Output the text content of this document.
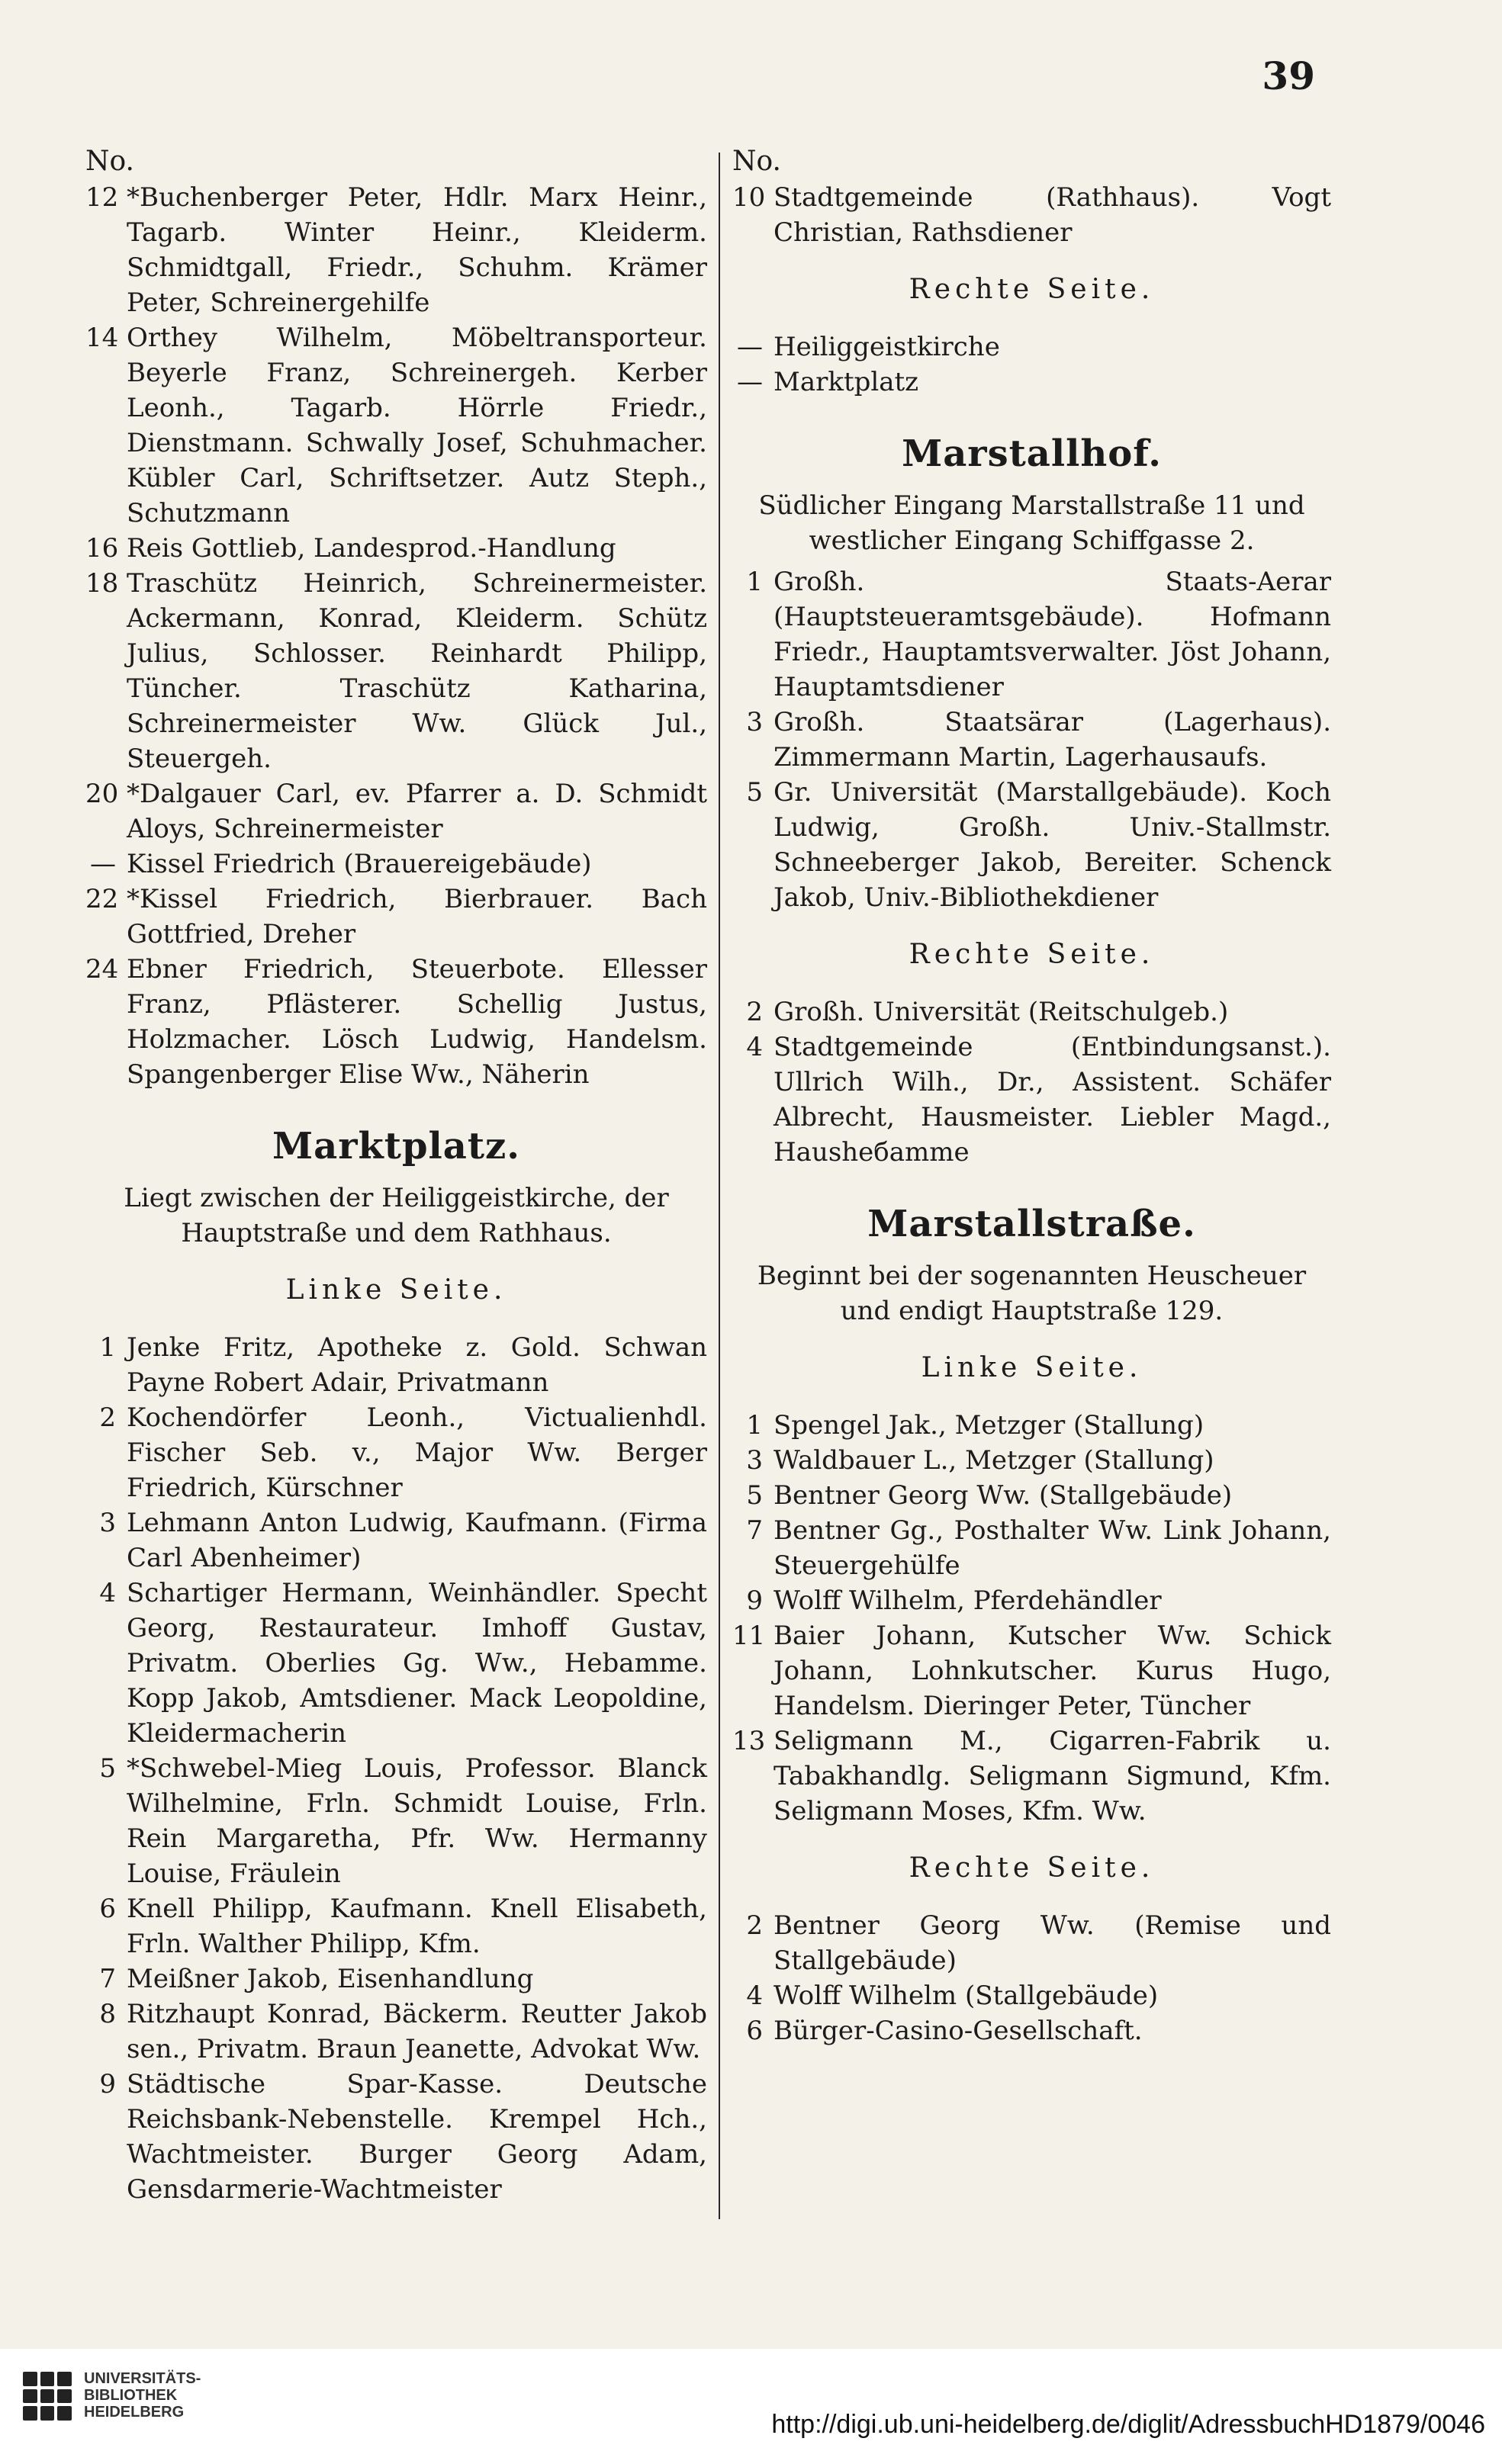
39
No.
12 *Buchenberger Peter, Hdlr. Marx Heinr., Tagarb. Winter Heinr., Kleiderm. Schmidtgall, Friedr., Schuhm. Krämer Peter, Schreinergehilfe
14 Orthey Wilhelm, Möbeltransporteur. Beyerle Franz, Schreinergeh. Kerber Leonh., Tagarb. Hörrle Friedr., Dienstmann. Schwally Josef, Schuhmacher. Kübler Carl, Schriftsetzer. Autz Steph., Schutzmann
16 Reis Gottlieb, Landesprod.-Handlung
18 Traschütz Heinrich, Schreinermeister. Ackermann, Konrad, Kleiderm. Schütz Julius, Schlosser. Reinhardt Philipp, Tüncher. Traschütz Katharina, Schreinermeister Ww. Glück Jul., Steuergeh.
20 *Dalgauer Carl, ev. Pfarrer a. D. Schmidt Aloys, Schreinermeister
— Kissel Friedrich (Brauereigebäude)
22 *Kissel Friedrich, Bierbrauer. Bach Gottfried, Dreher
24 Ebner Friedrich, Steuerbote. Ellesser Franz, Pflästerer. Schellig Justus, Holzmacher. Lösch Ludwig, Handelsm. Spangenberger Elise Ww., Näherin
Marktplatz.
Liegt zwischen der Heiliggeistkirche, der Hauptstraße und dem Rathhaus.
Linke Seite.
1 Jenke Fritz, Apotheke z. Gold. Schwan Payne Robert Adair, Privatmann
2 Kochendörfer Leonh., Victualienhdl. Fischer Seb. v., Major Ww. Berger Friedrich, Kürschner
3 Lehmann Anton Ludwig, Kaufmann. (Firma Carl Abenheimer)
4 Schartiger Hermann, Weinhändler. Specht Georg, Restaurateur. Imhoff Gustav, Privatm. Oberlies Gg. Ww., Hebamme. Kopp Jakob, Amtsdiener. Mack Leopoldine, Kleidermacherin
5 *Schwebel-Mieg Louis, Professor. Blanck Wilhelmine, Frln. Schmidt Louise, Frln. Rein Margaretha, Pfr. Ww. Hermanny Louise, Fräulein
6 Knell Philipp, Kaufmann. Knell Elisabeth, Frln. Walther Philipp, Kfm.
7 Meißner Jakob, Eisenhandlung
8 Ritzhaupt Konrad, Bäckerm. Reutter Jakob sen., Privatm. Braun Jeanette, Advokat Ww.
9 Städtische Spar-Kasse. Deutsche Reichsbank-Nebenstelle. Krempel Hch., Wachtmeister. Burger Georg Adam, Gensdarmerie-Wachtmeister
No.
10 Stadtgemeinde (Rathhaus). Vogt Christian, Rathsdiener
Rechte Seite.
— Heiliggeistkirche
— Marktplatz
Marstallhof.
Südlicher Eingang Marstallstraße 11 und westlicher Eingang Schiffgasse 2.
1 Großh. Staats-Aerar (Hauptsteueramtsgebäude). Hofmann Friedr., Hauptamtsverwalter. Jöst Johann, Hauptamtsdiener
3 Großh. Staatsärar (Lagerhaus). Zimmermann Martin, Lagerhausaufs.
5 Gr. Universität (Marstallgebäude). Koch Ludwig, Großh. Univ.-Stallmstr. Schneeberger Jakob, Bereiter. Schenck Jakob, Univ.-Bibliothekdiener
Rechte Seite.
2 Großh. Universität (Reitschulgeb.)
4 Stadtgemeinde (Entbindungsanst.). Ullrich Wilh., Dr., Assistent. Schäfer Albrecht, Hausmeister. Liebler Magd., Hausheбamme
Marstallstraße.
Beginnt bei der sogenannten Heuscheuer und endigt Hauptstraße 129.
Linke Seite.
1 Spengel Jak., Metzger (Stallung)
3 Waldbauer L., Metzger (Stallung)
5 Bentner Georg Ww. (Stallgebäude)
7 Bentner Gg., Posthalter Ww. Link Johann, Steuergehülfe
9 Wolff Wilhelm, Pferdehändler
11 Baier Johann, Kutscher Ww. Schick Johann, Lohnkutscher. Kurus Hugo, Handelsm. Dieringer Peter, Tüncher
13 Seligmann M., Cigarren-Fabrik u. Tabakhandlg. Seligmann Sigmund, Kfm. Seligmann Moses, Kfm. Ww.
Rechte Seite.
2 Bentner Georg Ww. (Remise und Stallgebäude)
4 Wolff Wilhelm (Stallgebäude)
6 Bürger-Casino-Gesellschaft.
UNIVERSITÄTS-
BIBLIOTHEK
HEIDELBERG	http://digi.ub.uni-heidelberg.de/diglit/AdressbuchHD1879/0046
